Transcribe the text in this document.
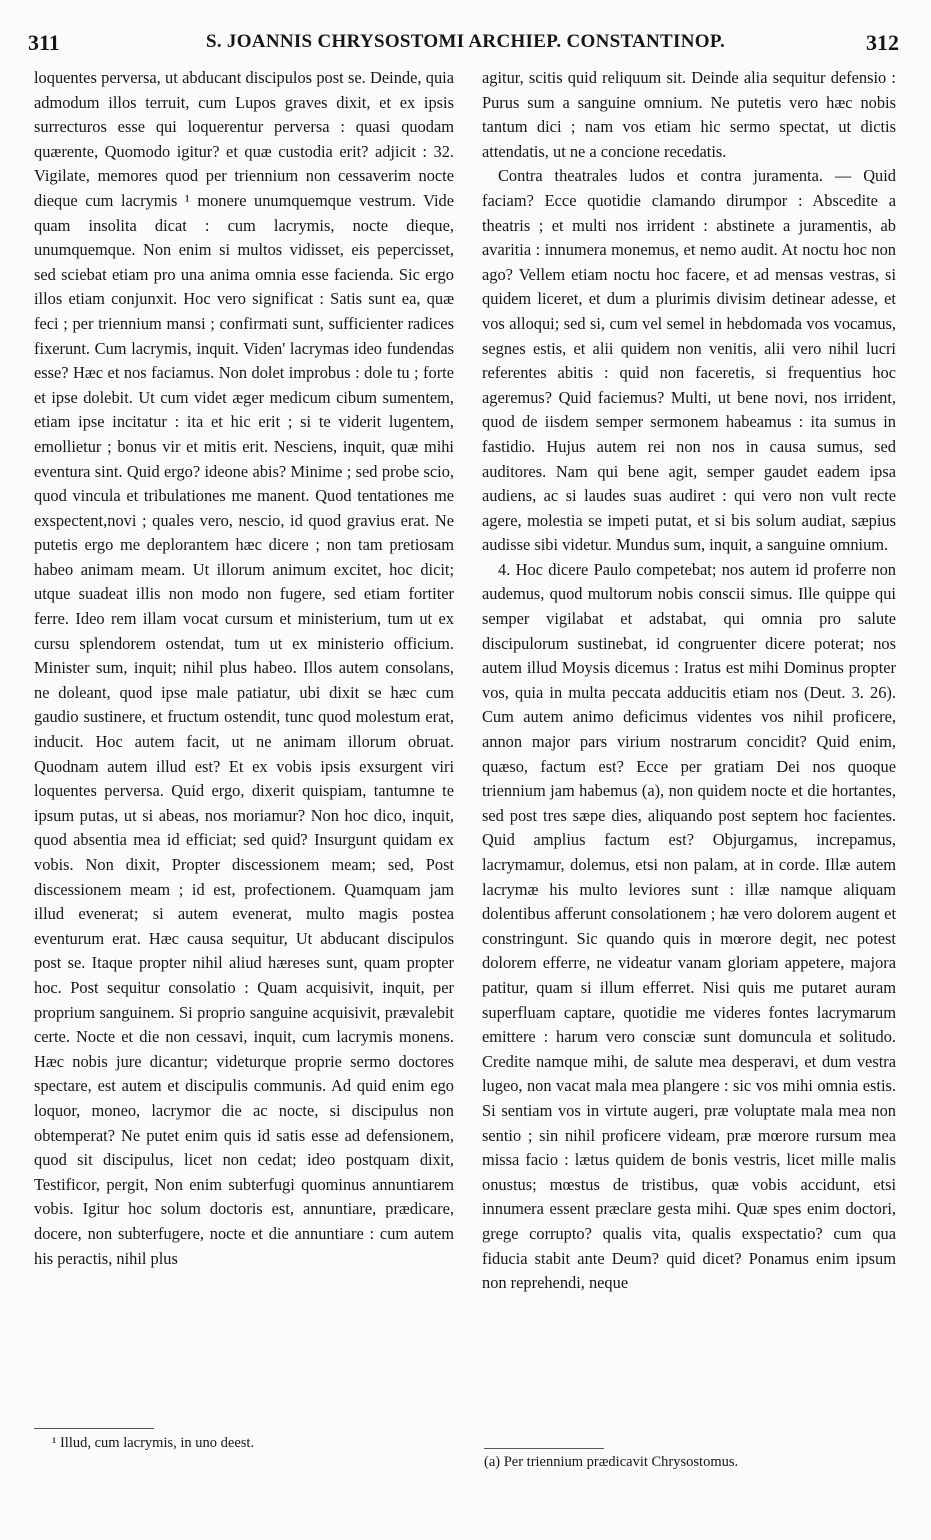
311	S. JOANNIS CHRYSOSTOMI ARCHIEP. CONSTANTINOP.	312

loquentes perversa, ut abducant discipulos post se. Deinde, quia admodum illos terruit, cum Lupos graves dixit, et ex ipsis surrecturos esse qui loquerentur perversa : quasi quodam quærente, Quomodo igitur? et quæ custodia erit? adjicit : 32. Vigilate, memores quod per triennium non cessaverim nocte dieque cum lacrymis ¹ monere unumquemque vestrum. Vide quam insolita dicat : cum lacrymis, nocte dieque, unumquemque. Non enim si multos vidisset, eis pepercisset, sed sciebat etiam pro una anima omnia esse facienda. Sic ergo illos etiam conjunxit. Hoc vero significat : Satis sunt ea, quæ feci ; per triennium mansi ; confirmati sunt, sufficienter radices fixerunt. Cum lacrymis, inquit. Viden' lacrymas ideo fundendas esse? Hæc et nos faciamus. Non dolet improbus : dole tu ; forte et ipse dolebit. Ut cum videt æger medicum cibum sumentem, etiam ipse incitatur : ita et hic erit ; si te viderit lugentem, emollietur ; bonus vir et mitis erit. Nesciens, inquit, quæ mihi eventura sint. Quid ergo? ideone abis? Minime ; sed probe scio, quod vincula et tribulationes me manent. Quod tentationes me exspectent,novi ; quales vero, nescio, id quod gravius erat. Ne putetis ergo me deplorantem hæc dicere ; non tam pretiosam habeo animam meam. Ut illorum animum excitet, hoc dicit; utque suadeat illis non modo non fugere, sed etiam fortiter ferre. Ideo rem illam vocat cursum et ministerium, tum ut ex cursu splendorem ostendat, tum ut ex ministerio officium. Minister sum, inquit; nihil plus habeo. Illos autem consolans, ne doleant, quod ipse male patiatur, ubi dixit se hæc cum gaudio sustinere, et fructum ostendit, tunc quod molestum erat, inducit. Hoc autem facit, ut ne animam illorum obruat. Quodnam autem illud est? Et ex vobis ipsis exsurgent viri loquentes perversa. Quid ergo, dixerit quispiam, tantumne te ipsum putas, ut si abeas, nos moriamur? Non hoc dico, inquit, quod absentia mea id efficiat; sed quid? Insurgunt quidam ex vobis. Non dixit, Propter discessionem meam; sed, Post discessionem meam ; id est, profectionem. Quamquam jam illud evenerat; si autem evenerat, multo magis postea eventurum erat. Hæc causa sequitur, Ut abducant discipulos post se. Itaque propter nihil aliud hæreses sunt, quam propter hoc. Post sequitur consolatio : Quam acquisivit, inquit, per proprium sanguinem. Si proprio sanguine acquisivit, prævalebit certe. Nocte et die non cessavi, inquit, cum lacrymis monens. Hæc nobis jure dicantur; videturque proprie sermo doctores spectare, est autem et discipulis communis. Ad quid enim ego loquor, moneo, lacrymor die ac nocte, si discipulus non obtemperat? Ne putet enim quis id satis esse ad defensionem, quod sit discipulus, licet non cedat; ideo postquam dixit, Testificor, pergit, Non enim subterfugi quominus annuntiarem vobis. Igitur hoc solum doctoris est, annuntiare, prædicare, docere, non subterfugere, nocte et die annuntiare : cum autem his peractis, nihil plus

agitur, scitis quid reliquum sit. Deinde alia sequitur defensio : Purus sum a sanguine omnium. Ne putetis vero hæc nobis tantum dici ; nam vos etiam hic sermo spectat, ut dictis attendatis, ut ne a concione recedatis.

Contra theatrales ludos et contra juramenta. — Quid faciam? Ecce quotidie clamando dirumpor : Abscedite a theatris ; et multi nos irrident : abstinete a juramentis, ab avaritia : innumera monemus, et nemo audit. At noctu hoc non ago? Vellem etiam noctu hoc facere, et ad mensas vestras, si quidem liceret, et dum a plurimis divisim detinear adesse, et vos alloqui; sed si, cum vel semel in hebdomada vos vocamus, segnes estis, et alii quidem non venitis, alii vero nihil lucri referentes abitis : quid non faceretis, si frequentius hoc ageremus? Quid faciemus? Multi, ut bene novi, nos irrident, quod de iisdem semper sermonem habeamus : ita sumus in fastidio. Hujus autem rei non nos in causa sumus, sed auditores. Nam qui bene agit, semper gaudet eadem ipsa audiens, ac si laudes suas audiret : qui vero non vult recte agere, molestia se impeti putat, et si bis solum audiat, sæpius audisse sibi videtur. Mundus sum, inquit, a sanguine omnium.

4. Hoc dicere Paulo competebat; nos autem id proferre non audemus, quod multorum nobis conscii simus. Ille quippe qui semper vigilabat et adstabat, qui omnia pro salute discipulorum sustinebat, id congruenter dicere poterat; nos autem illud Moysis dicemus : Iratus est mihi Dominus propter vos, quia in multa peccata adducitis etiam nos (Deut. 3. 26). Cum autem animo deficimus videntes vos nihil proficere, annon major pars virium nostrarum concidit? Quid enim, quæso, factum est? Ecce per gratiam Dei nos quoque triennium jam habemus (a), non quidem nocte et die hortantes, sed post tres sæpe dies, aliquando post septem hoc facientes. Quid amplius factum est? Objurgamus, increpamus, lacrymamur, dolemus, etsi non palam, at in corde. Illæ autem lacrymæ his multo leviores sunt : illæ namque aliquam dolentibus afferunt consolationem ; hæ vero dolorem augent et constringunt. Sic quando quis in mœrore degit, nec potest dolorem efferre, ne videatur vanam gloriam appetere, majora patitur, quam si illum efferret. Nisi quis me putaret auram superfluam captare, quotidie me videres fontes lacrymarum emittere : harum vero consciæ sunt domuncula et solitudo. Credite namque mihi, de salute mea desperavi, et dum vestra lugeo, non vacat mala mea plangere : sic vos mihi omnia estis. Si sentiam vos in virtute augeri, præ voluptate mala mea non sentio ; sin nihil proficere videam, præ mœrore rursum mea missa facio : lætus quidem de bonis vestris, licet mille malis onustus; mœstus de tristibus, quæ vobis accidunt, etsi innumera essent præclare gesta mihi. Quæ spes enim doctori, grege corrupto? qualis vita, qualis exspectatio? cum qua fiducia stabit ante Deum? quid dicet? Ponamus enim ipsum non reprehendi, neque

¹ Illud, cum lacrymis, in uno deest.
(a) Per triennium prædicavit Chrysostomus.
